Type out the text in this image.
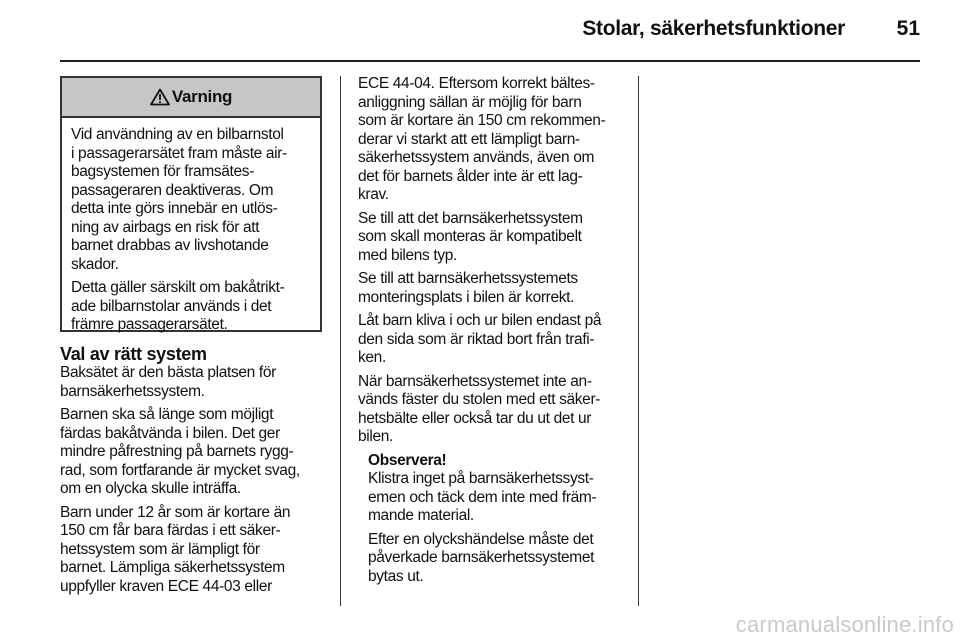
Stolar, säkerhetsfunktioner	51
Varning

Vid användning av en bilbarnstol
i passagerarsätet fram måste air-
bagsystemen för framsätes-
passageraren deaktiveras. Om
detta inte görs innebär en utlös-
ning av airbags en risk för att
barnet drabbas av livshotande
skador.

Detta gäller särskilt om bakåtrikt-
ade bilbarnstolar används i det
främre passagerarsätet.

Val av rätt system

Baksätet är den bästa platsen för
barnsäkerhetssystem.

Barnen ska så länge som möjligt
färdas bakåtvända i bilen. Det ger
mindre påfrestning på barnets rygg-
rad, som fortfarande är mycket svag,
om en olycka skulle inträffa.

Barn under 12 år som är kortare än
150 cm får bara färdas i ett säker-
hetssystem som är lämpligt för
barnet. Lämpliga säkerhetssystem
uppfyller kraven ECE 44-03 eller

ECE 44-04. Eftersom korrekt bältes-
anliggning sällan är möjlig för barn
som är kortare än 150 cm rekommen-
derar vi starkt att ett lämpligt barn-
säkerhetssystem används, även om
det för barnets ålder inte är ett lag-
krav.

Se till att det barnsäkerhetssystem
som skall monteras är kompatibelt
med bilens typ.

Se till att barnsäkerhetssystemets
monteringsplats i bilen är korrekt.

Låt barn kliva i och ur bilen endast på
den sida som är riktad bort från trafi-
ken.

När barnsäkerhetssystemet inte an-
vänds fäster du stolen med ett säker-
hetsbälte eller också tar du ut det ur
bilen.

Observera!

Klistra inget på barnsäkerhetssyst-
emen och täck dem inte med främ-
mande material.

Efter en olyckshändelse måste det
påverkade barnsäkerhetssystemet
bytas ut.

carmanualsonline.info
